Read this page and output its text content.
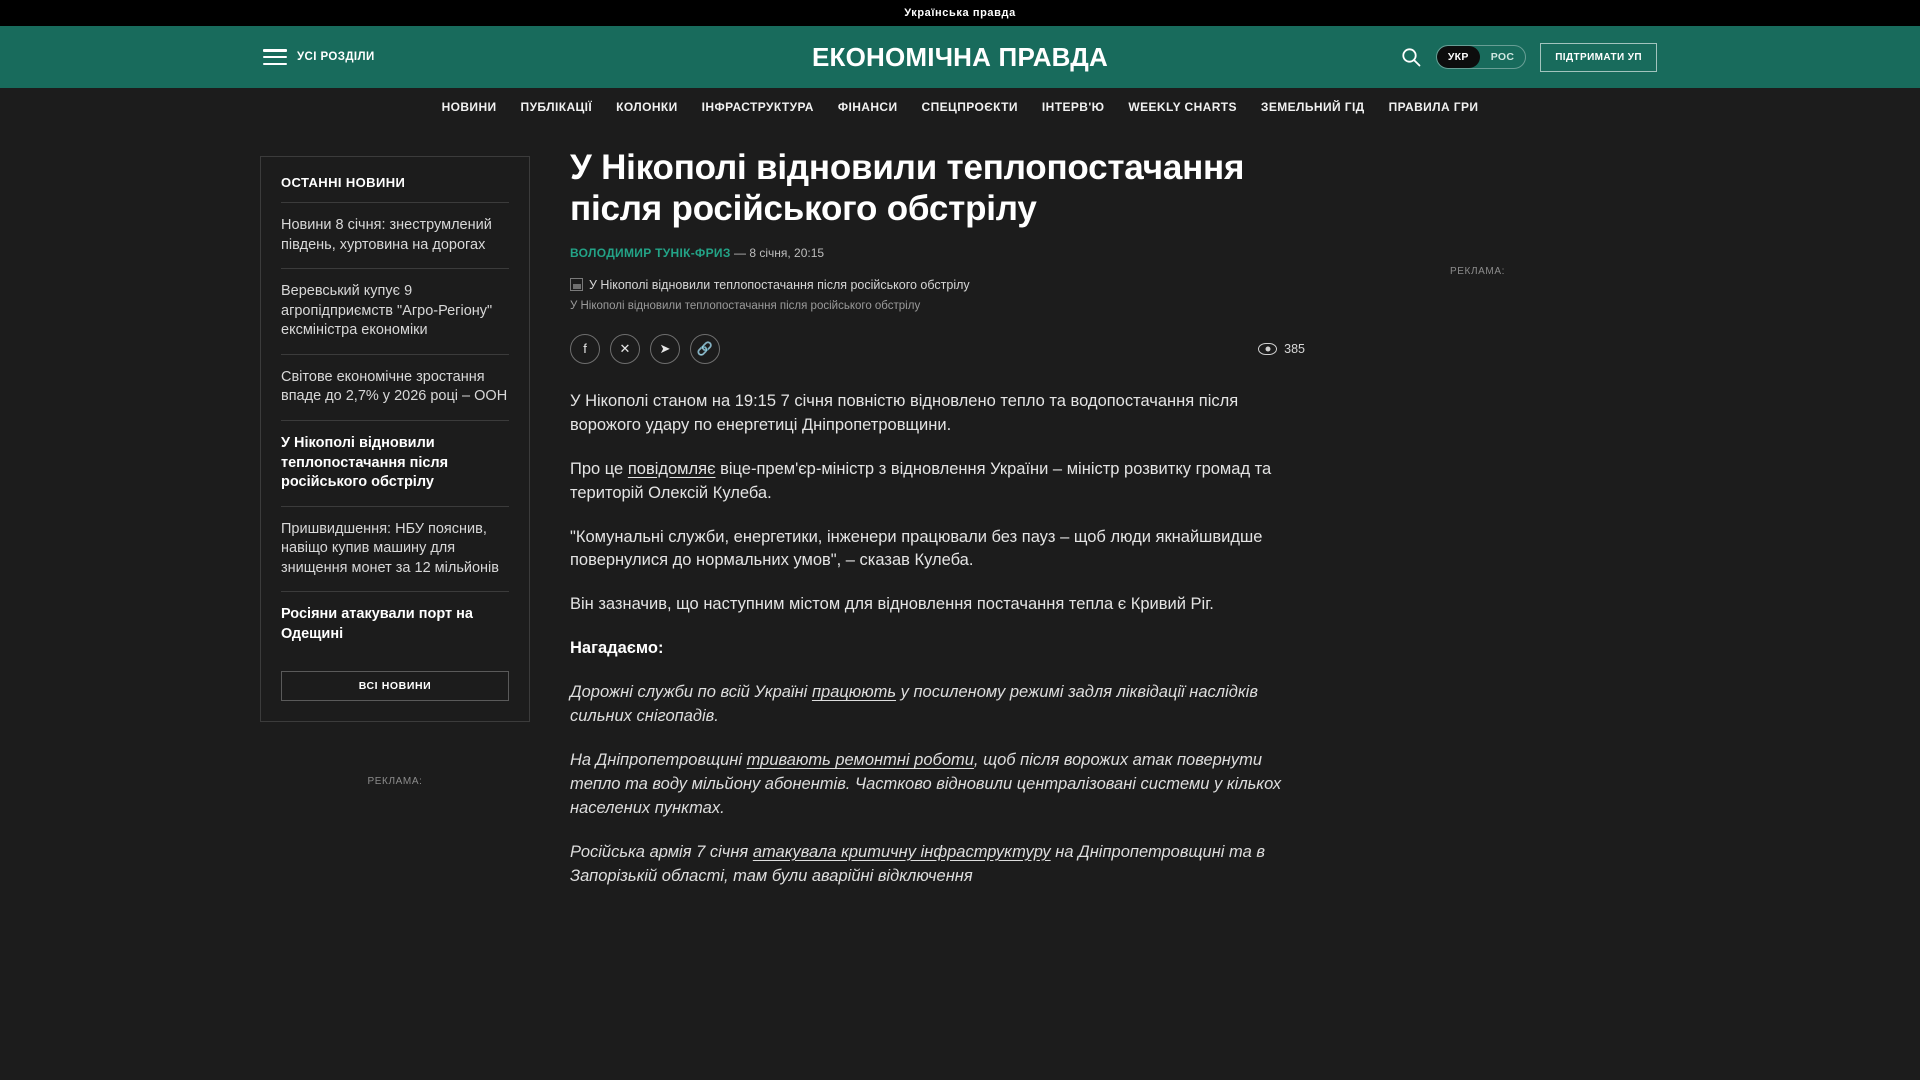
Українська правда
УСІ РОЗДІЛИ	ЕКОНОМІЧНА ПРАВДА	УКР	РОС	ПІДТРИМАТИ УП
НОВИНИ ПУБЛІКАЦІЇ КОЛОНКИ ІНФРАСТРУКТУРА ФІНАНСИ СПЕЦПРОЄКТИ ІНТЕРВ'Ю WEEKLY CHARTS ЗЕМЕЛЬНИЙ ГІД ПРАВИЛА ГРИ
ОСТАННІ НОВИНИ
Новини 8 січня: знеструмлений південь, хуртовина на дорогах
Веревський купує 9 агропідприємств "Агро-Регіону" ексміністра економіки
Світове економічне зростання впаде до 2,7% у 2026 році – ООН
У Нікополі відновили теплопостачання після російського обстрілу
Пришвидшення: НБУ пояснив, навіщо купив машину для знищення монет за 12 мільйонів
Росіяни атакували порт на Одещині
ВСІ НОВИНИ
РЕКЛАМА:
У Нікополі відновили теплопостачання після російського обстрілу
ВОЛОДИМИР ТУНІК-ФРИЗ — 8 січня, 20:15
У Нікополі відновили теплопостачання після російського обстрілу
У Нікополі відновили теплопостачання після російського обстрілу
f	✕	➤	🔗	385

У Нікополі станом на 19:15 7 січня повністю відновлено тепло та водопостачання після ворожого удару по енергетиці Дніпропетровщини.

Про це повідомляє віце-прем'єр-міністр з відновлення України – міністр розвитку громад та територій Олексій Кулеба.

"Комунальні служби, енергетики, інженери працювали без пауз – щоб люди якнайшвидше повернулися до нормальних умов", – сказав Кулеба.

Він зазначив, що наступним містом для відновлення постачання тепла є Кривий Ріг.

Нагадаємо:

Дорожні служби по всій Україні працюють у посиленому режимі задля ліквідації наслідків сильних снігопадів.

На Дніпропетровщині тривають ремонтні роботи, щоб після ворожих атак повернути тепло та воду мільйону абонентів. Частково відновили централізовані системи у кількох населених пунктах.

Російська армія 7 січня атакувала критичну інфраструктуру на Дніпропетровщині та в Запорізькій області, там були аварійні відключення

РЕКЛАМА:
